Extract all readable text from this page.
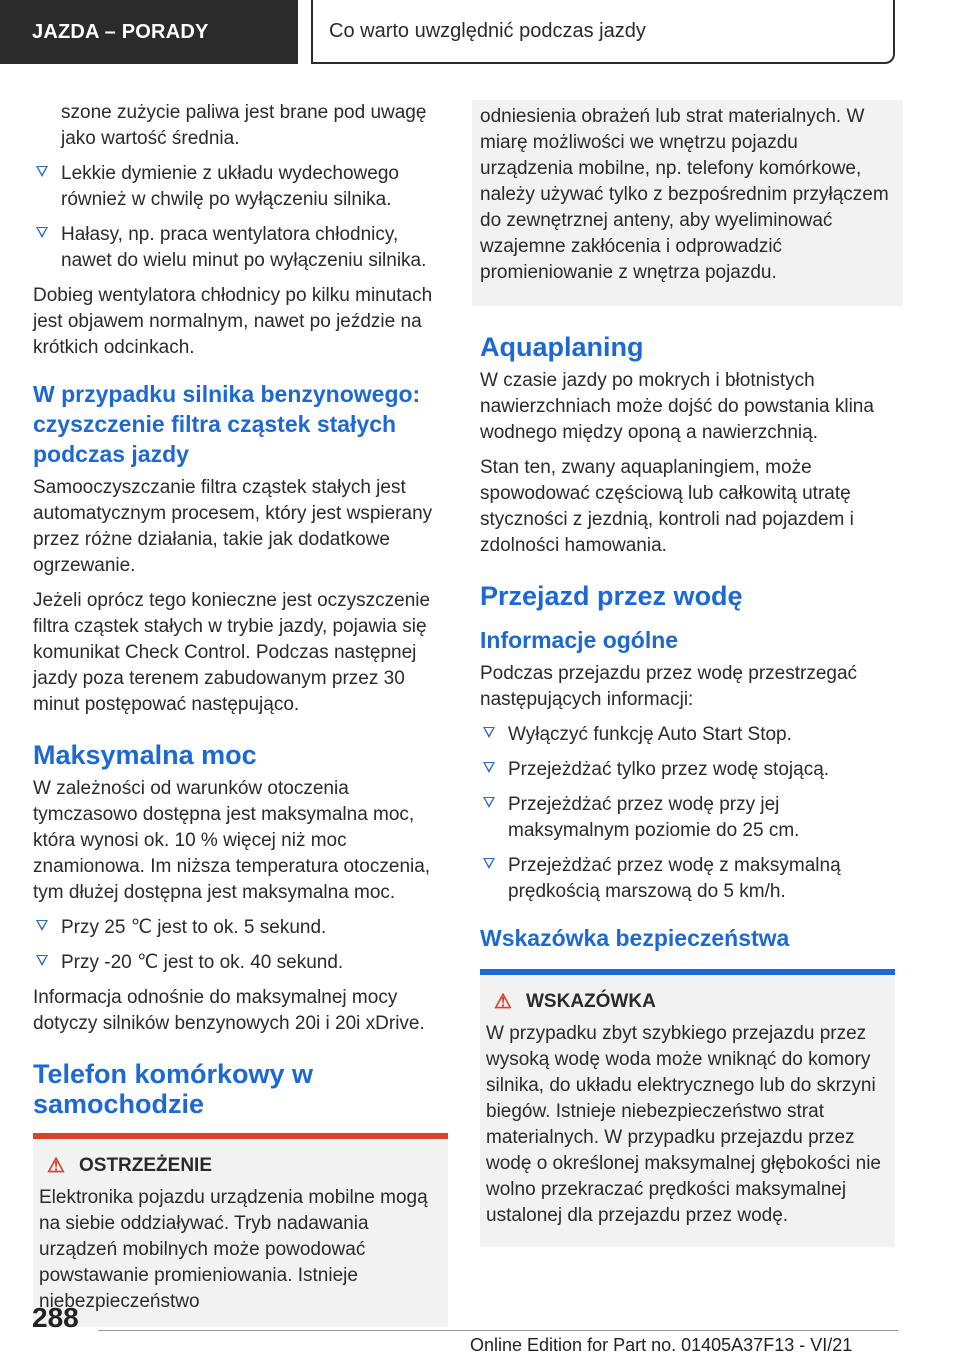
JAZDA – PORADY	Co warto uwzględnić podczas jazdy

szone zużycie paliwa jest brane pod uwagę jako wartość średnia.

Lekkie dymienie z układu wydechowego również w chwilę po wyłączeniu silnika.
Hałasy, np. praca wentylatora chłodnicy, nawet do wielu minut po wyłączeniu silnika.

Dobieg wentylatora chłodnicy po kilku minutach jest objawem normalnym, nawet po jeździe na krótkich odcinkach.

W przypadku silnika benzynowego: czyszczenie filtra cząstek stałych podczas jazdy

Samooczyszczanie filtra cząstek stałych jest automatycznym procesem, który jest wspierany przez różne działania, takie jak dodatkowe ogrzewanie.

Jeżeli oprócz tego konieczne jest oczyszczenie filtra cząstek stałych w trybie jazdy, pojawia się komunikat Check Control. Podczas następnej jazdy poza terenem zabudowanym przez 30 minut postępować następująco.

Maksymalna moc

W zależności od warunków otoczenia tymczasowo dostępna jest maksymalna moc, która wynosi ok. 10 % więcej niż moc znamionowa. Im niższa temperatura otoczenia, tym dłużej dostępna jest maksymalna moc.

Przy 25 ℃ jest to ok. 5 sekund.
Przy -20 ℃ jest to ok. 40 sekund.

Informacja odnośnie do maksymalnej mocy dotyczy silników benzynowych 20i i 20i xDrive.

Telefon komórkowy w samochodzie
⚠ OSTRZEŻENIE

Elektronika pojazdu urządzenia mobilne mogą na siebie oddziaływać. Tryb nadawania urządzeń mobilnych może powodować powstawanie promieniowania. Istnieje niebezpieczeństwo

odniesienia obrażeń lub strat materialnych. W miarę możliwości we wnętrzu pojazdu urządzenia mobilne, np. telefony komórkowe, należy używać tylko z bezpośrednim przyłączem do zewnętrznej anteny, aby wyeliminować wzajemne zakłócenia i odprowadzić promieniowanie z wnętrza pojazdu.

Aquaplaning

W czasie jazdy po mokrych i błotnistych nawierzchniach może dojść do powstania klina wodnego między oponą a nawierzchnią.

Stan ten, zwany aquaplaningiem, może spowodować częściową lub całkowitą utratę styczności z jezdnią, kontroli nad pojazdem i zdolności hamowania.

Przejazd przez wodę
Informacje ogólne

Podczas przejazdu przez wodę przestrzegać następujących informacji:

Wyłączyć funkcję Auto Start Stop.
Przejeżdżać tylko przez wodę stojącą.
Przejeżdżać przez wodę przy jej maksymalnym poziomie do 25 cm.
Przejeżdżać przez wodę z maksymalną prędkością marszową do 5 km/h.
Wskazówka bezpieczeństwa
⚠ WSKAZÓWKA

W przypadku zbyt szybkiego przejazdu przez wysoką wodę woda może wniknąć do komory silnika, do układu elektrycznego lub do skrzyni biegów. Istnieje niebezpieczeństwo strat materialnych. W przypadku przejazdu przez wodę o określonej maksymalnej głębokości nie wolno przekraczać prędkości maksymalnej ustalonej dla przejazdu przez wodę.

288
Online Edition for Part no. 01405A37F13 - VI/21
